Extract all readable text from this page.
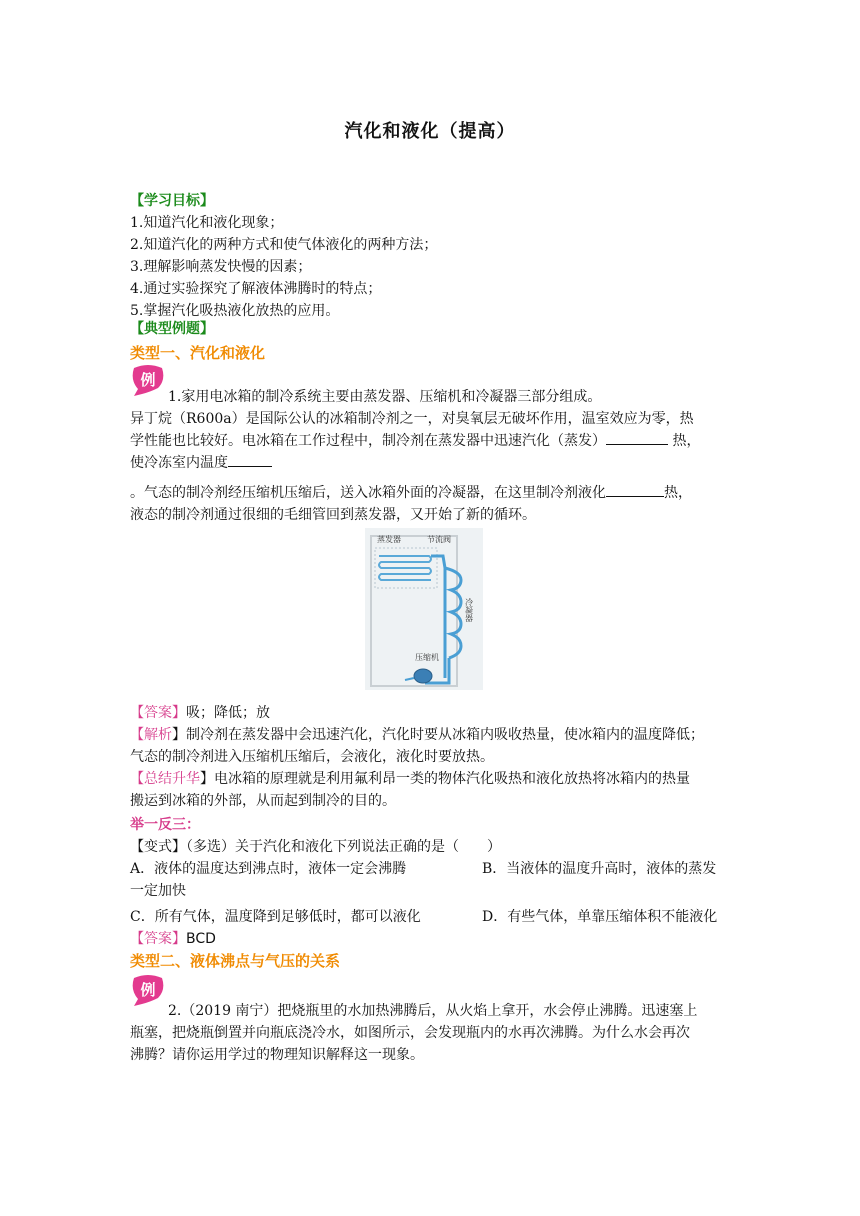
汽化和液化（提高）
【学习目标】
1.知道汽化和液化现象；
2.知道汽化的两种方式和使气体液化的两种方法；
3.理解影响蒸发快慢的因素；
4.通过实验探究了解液体沸腾时的特点；
5.掌握汽化吸热液化放热的应用。
【典型例题】
类型一、汽化和液化
例
1.家用电冰箱的制冷系统主要由蒸发器、压缩机和冷凝器三部分组成。
异丁烷（R600a）是国际公认的冰箱制冷剂之一，对臭氧层无破坏作用，温室效应为零，热
学性能也比较好。电冰箱在工作过程中，制冷剂在蒸发器中迅速汽化（蒸发）	热，
使冷冻室内温度
。气态的制冷剂经压缩机压缩后，送入冰箱外面的冷凝器，在这里制冷剂液化	热，
液态的制冷剂通过很细的毛细管回到蒸发器，又开始了新的循环。
蒸发器	节流阀
冷凝器
压缩机
【答案】吸；降低；放
【解析】制冷剂在蒸发器中会迅速汽化，汽化时要从冰箱内吸收热量，使冰箱内的温度降低；
气态的制冷剂进入压缩机压缩后，会液化，液化时要放热。
【总结升华】电冰箱的原理就是利用氟利昂一类的物体汽化吸热和液化放热将冰箱内的热量
搬运到冰箱的外部，从而起到制冷的目的。
举一反三：
【变式】（多选）关于汽化和液化下列说法正确的是（　　）
A．液体的温度达到沸点时，液体一定会沸腾	B．当液体的温度升高时，液体的蒸发
一定加快
C．所有气体，温度降到足够低时，都可以液化	D．有些气体，单靠压缩体积不能液化
【答案】BCD
类型二、液体沸点与气压的关系
例
2.（2019 南宁）把烧瓶里的水加热沸腾后，从火焰上拿开，水会停止沸腾。迅速塞上
瓶塞，把烧瓶倒置并向瓶底浇冷水，如图所示，会发现瓶内的水再次沸腾。为什么水会再次
沸腾？请你运用学过的物理知识解释这一现象。
